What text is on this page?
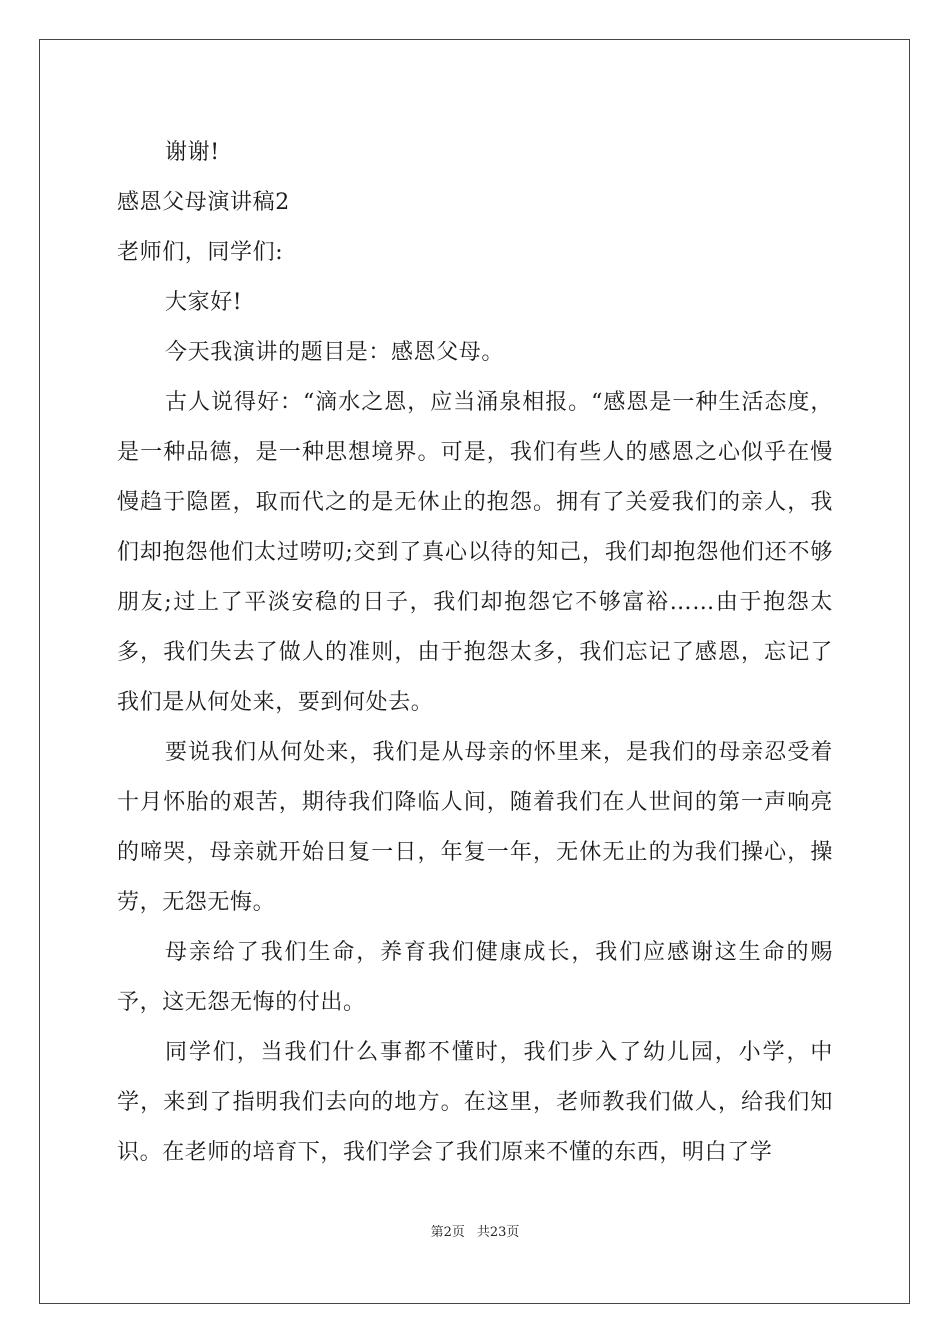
谢谢!

感恩父母演讲稿2

老师们，同学们:

大家好!

今天我演讲的题目是：感恩父母。

古人说得好：“滴水之恩，应当涌泉相报。“感恩是一种生活态度，是一种品德，是一种思想境界。可是，我们有些人的感恩之心似乎在慢慢趋于隐匿，取而代之的是无休止的抱怨。拥有了关爱我们的亲人，我们却抱怨他们太过唠叨;交到了真心以待的知己，我们却抱怨他们还不够朋友;过上了平淡安稳的日子，我们却抱怨它不够富裕……由于抱怨太多，我们失去了做人的准则，由于抱怨太多，我们忘记了感恩，忘记了我们是从何处来，要到何处去。

要说我们从何处来，我们是从母亲的怀里来，是我们的母亲忍受着十月怀胎的艰苦，期待我们降临人间，随着我们在人世间的第一声响亮的啼哭，母亲就开始日复一日，年复一年，无休无止的为我们操心，操劳，无怨无悔。

母亲给了我们生命，养育我们健康成长，我们应感谢这生命的赐予，这无怨无悔的付出。

同学们，当我们什么事都不懂时，我们步入了幼儿园，小学，中学，来到了指明我们去向的地方。在这里，老师教我们做人，给我们知识。在老师的培育下，我们学会了我们原来不懂的东西，明白了学

第2页 共23页
